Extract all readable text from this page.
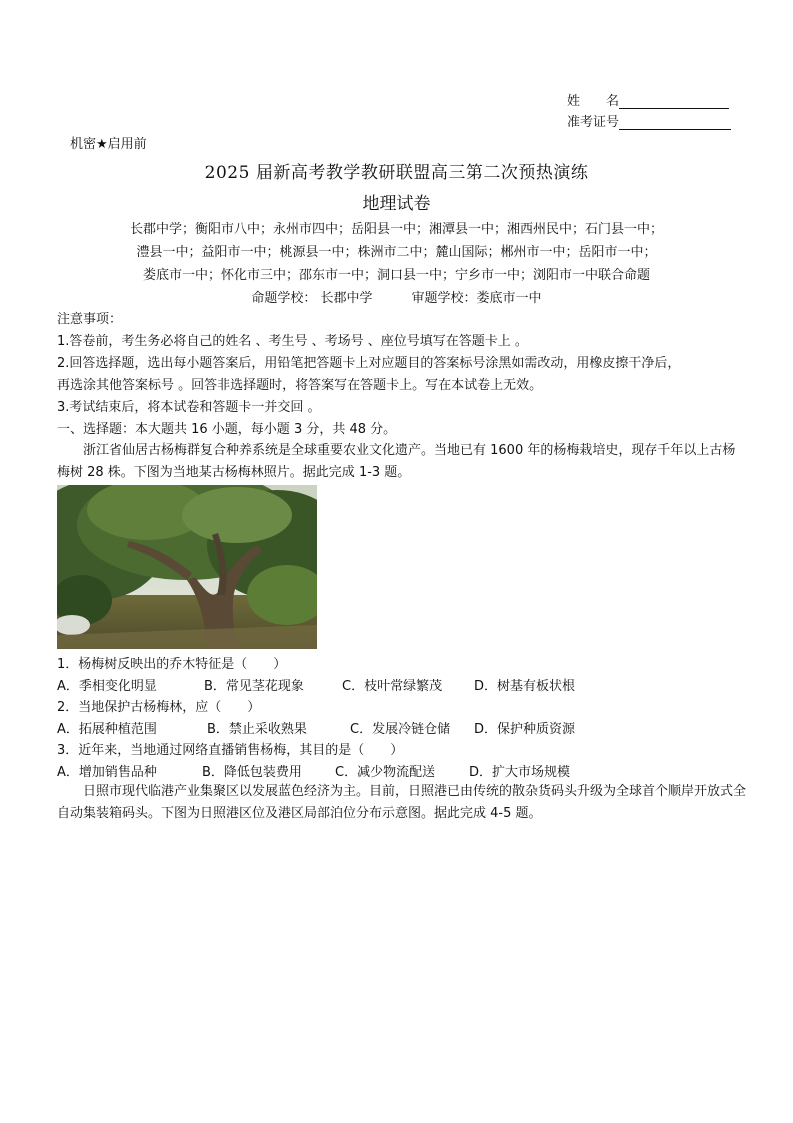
姓　　名
准考证号
机密★启用前
2025 届新高考教学教研联盟高三第二次预热演练
地理试卷
长郡中学；衡阳市八中；永州市四中；岳阳县一中；湘潭县一中；湘西州民中；石门县一中；
澧县一中；益阳市一中；桃源县一中；株洲市二中；麓山国际；郴州市一中；岳阳市一中；
娄底市一中；怀化市三中；邵东市一中；洞口县一中；宁乡市一中；浏阳市一中联合命题
命题学校： 长郡中学　　　审题学校：娄底市一中
注意事项：
1.答卷前，考生务必将自己的姓名 、考生号 、考场号 、座位号填写在答题卡上 。
2.回答选择题，选出每小题答案后，用铅笔把答题卡上对应题目的答案标号涂黑如需改动，用橡皮擦干净后，
再选涂其他答案标号 。回答非选择题时，将答案写在答题卡上。写在本试卷上无效。
3.考试结束后，将本试卷和答题卡一并交回 。
一、选择题：本大题共 16 小题，每小题 3 分，共 48 分。
浙江省仙居古杨梅群复合种养系统是全球重要农业文化遗产。当地已有 1600 年的杨梅栽培史，现存千年以上古杨梅树 28 株。下图为当地某古杨梅林照片。据此完成 1-3 题。
1．杨梅树反映出的乔木特征是（　　）
A．季相变化明显	B．常见茎花现象	C．枝叶常绿繁茂 D．树基有板状根
2．当地保护古杨梅林，应（　　）
A．拓展种植范围	B．禁止采收熟果	C．发展冷链仓储 D．保护种质资源
3．近年来，当地通过网络直播销售杨梅，其目的是（　　）
A．增加销售品种	B．降低包装费用	C．减少物流配送	D．扩大市场规模
日照市现代临港产业集聚区以发展蓝色经济为主。目前，日照港已由传统的散杂货码头升级为全球首个顺岸开放式全自动集装箱码头。下图为日照港区位及港区局部泊位分布示意图。据此完成 4-5 题。
